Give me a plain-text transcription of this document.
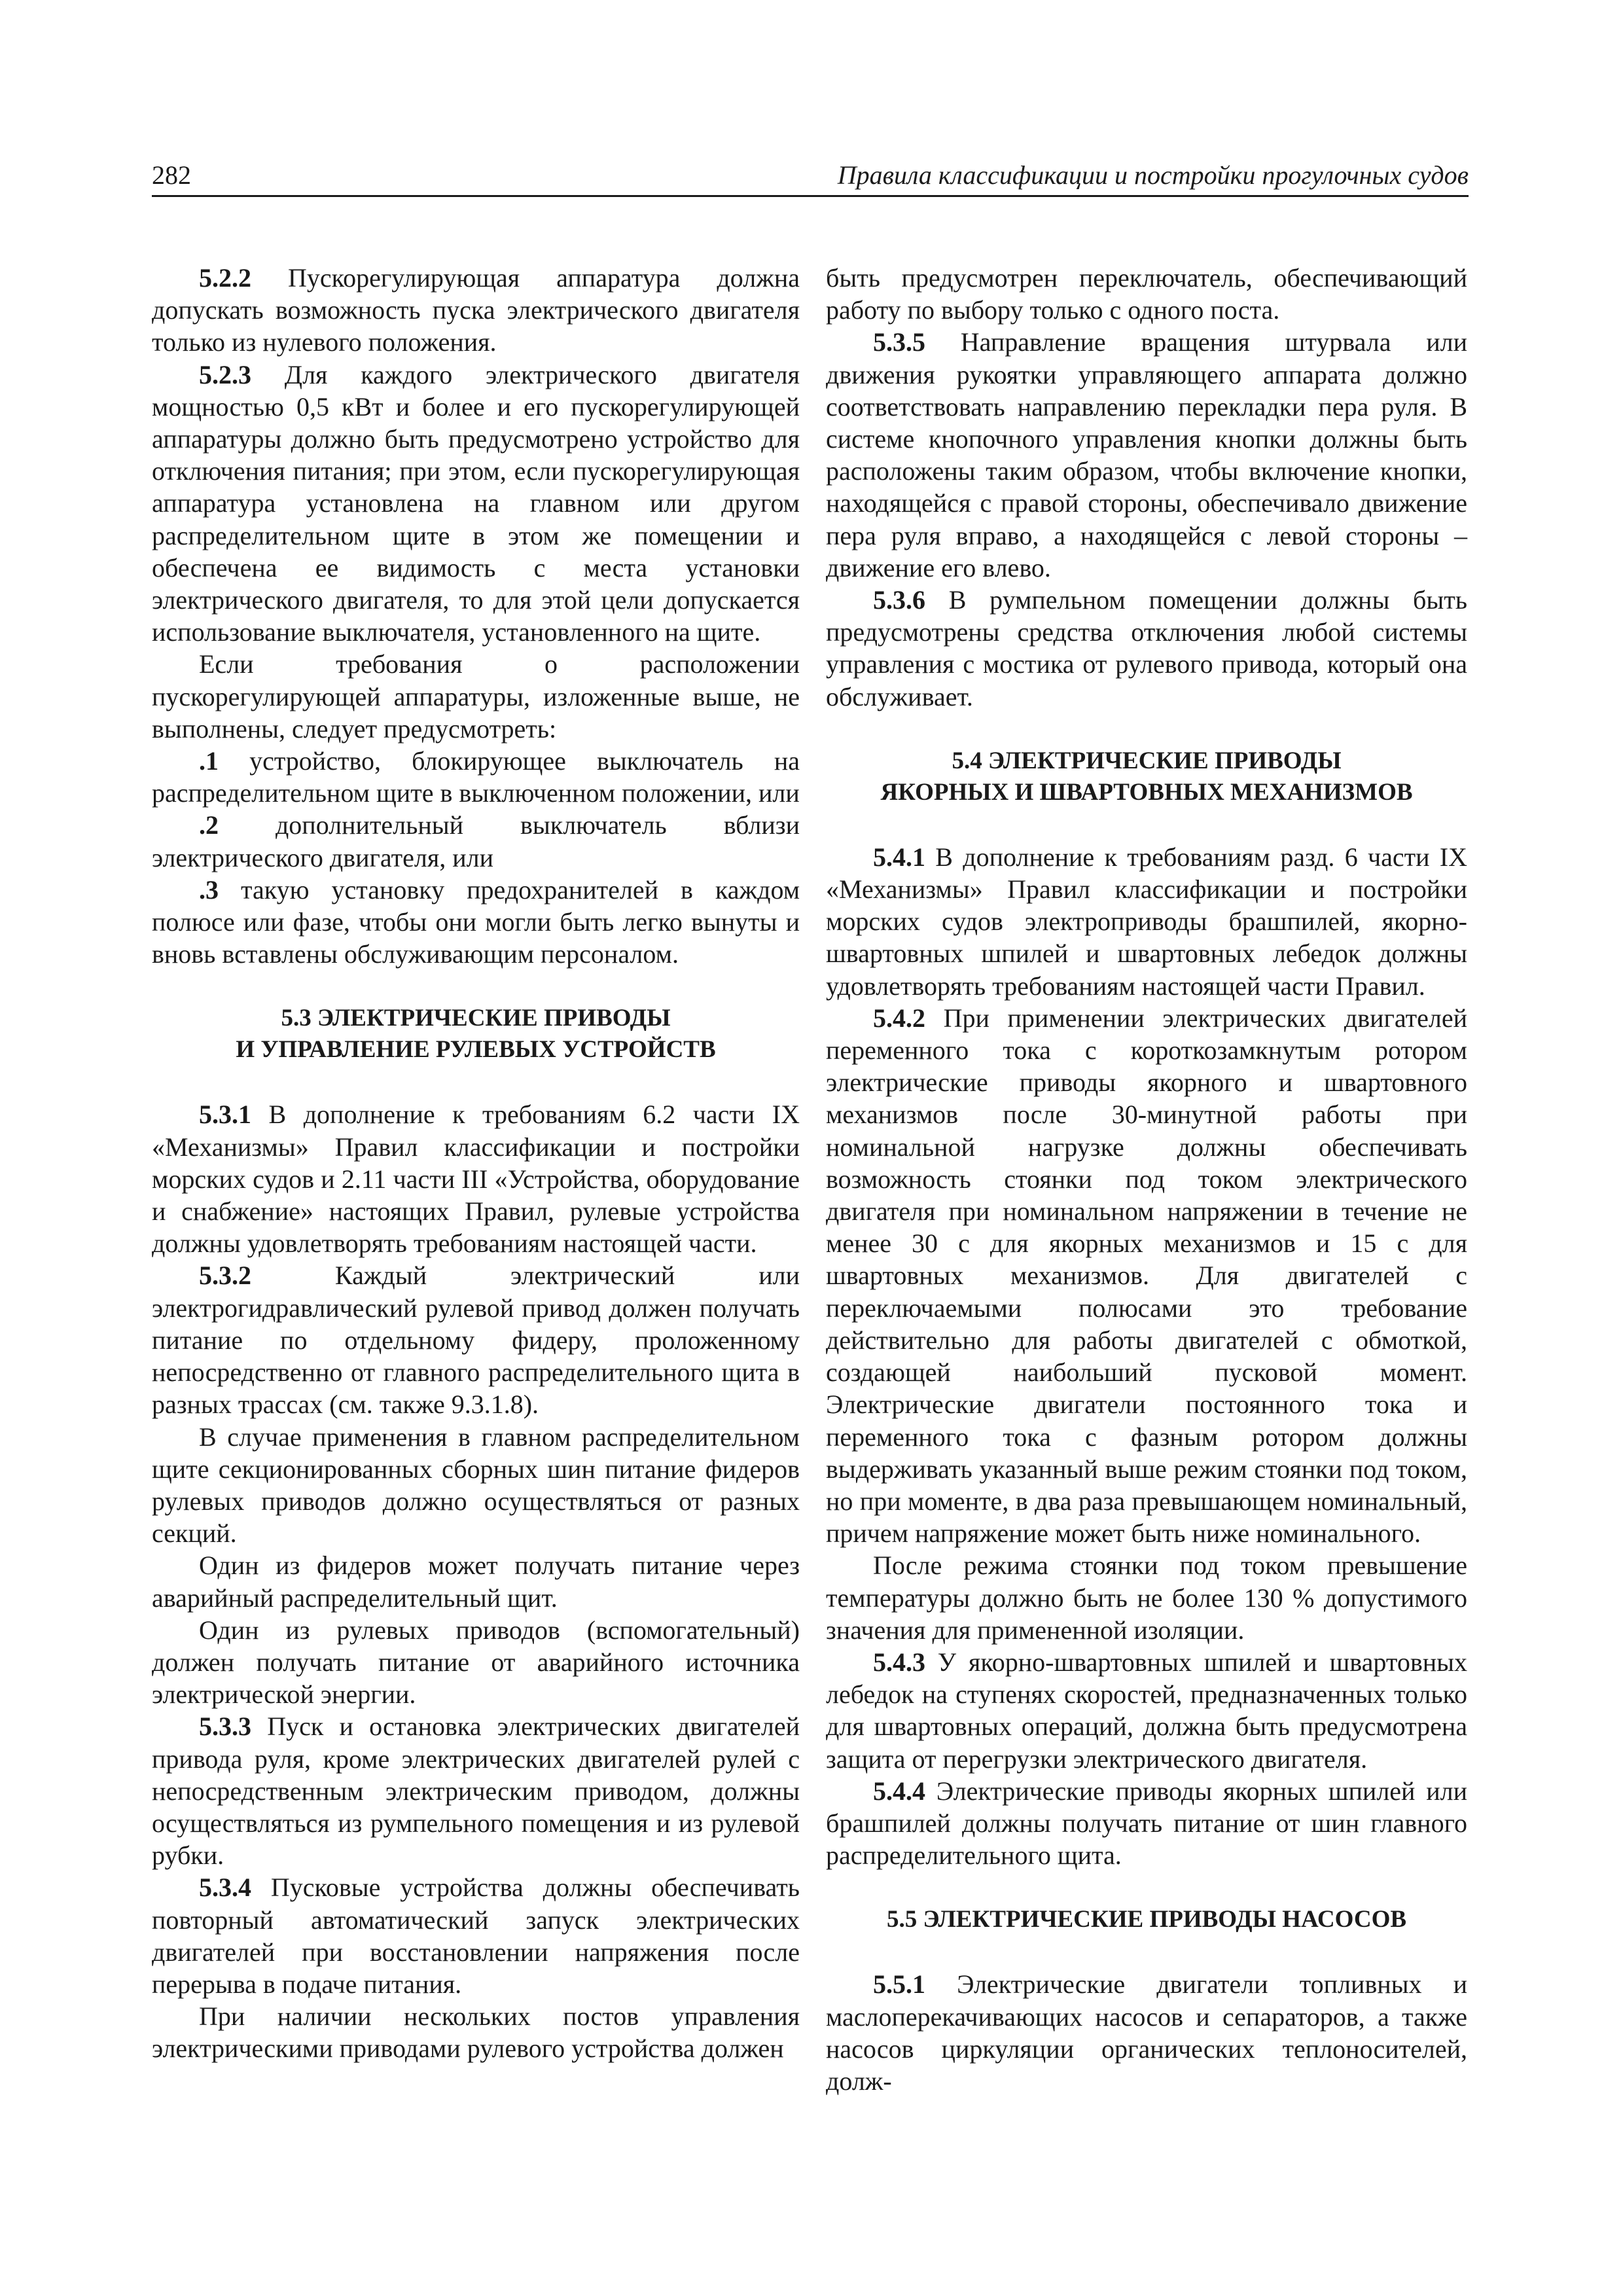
282	Правила классификации и постройки прогулочных судов

5.2.2 Пускорегулирующая аппаратура должна допускать возможность пуска электрического двигателя только из нулевого положения.

5.2.3 Для каждого электрического двигателя мощностью 0,5 кВт и более и его пускорегулирующей аппаратуры должно быть предусмотрено устройство для отключения питания; при этом, если пускорегулирующая аппаратура установлена на главном или другом распределительном щите в этом же помещении и обеспечена ее видимость с места установки электрического двигателя, то для этой цели допускается использование выключателя, установленного на щите.

Если требования о расположении пускорегулирующей аппаратуры, изложенные выше, не выполнены, следует предусмотреть:

.1 устройство, блокирующее выключатель на распределительном щите в выключенном положении, или

.2 дополнительный выключатель вблизи электрического двигателя, или

.3 такую установку предохранителей в каждом полюсе или фазе, чтобы они могли быть легко вынуты и вновь вставлены обслуживающим персоналом.

5.3 ЭЛЕКТРИЧЕСКИЕ ПРИВОДЫ
И УПРАВЛЕНИЕ РУЛЕВЫХ УСТРОЙСТВ

5.3.1 В дополнение к требованиям 6.2 части IX «Механизмы» Правил классификации и постройки морских судов и 2.11 части III «Устройства, оборудование и снабжение» настоящих Правил, рулевые устройства должны удовлетворять требованиям настоящей части.

5.3.2	Каждый электрический или электрогидравлический рулевой привод должен получать питание по отдельному фидеру, проложенному непосредственно от главного распределительного щита в разных трассах (см. также 9.3.1.8).

В случае применения в главном распределительном щите секционированных сборных шин питание фидеров рулевых приводов должно осуществляться от разных секций.

Один из фидеров может получать питание через аварийный распределительный щит.

Один из рулевых приводов (вспомогательный) должен получать питание от аварийного источника электрической энергии.

5.3.3 Пуск и остановка электрических двигателей привода руля, кроме электрических двигателей рулей с непосредственным электрическим приводом, должны осуществляться из румпельного помещения и из рулевой рубки.

5.3.4 Пусковые устройства должны обеспечивать повторный автоматический запуск электрических двигателей при восстановлении напряжения после перерыва в подаче питания.

При наличии нескольких постов управления электрическими приводами рулевого устройства должен

быть предусмотрен переключатель, обеспечивающий работу по выбору только с одного поста.

5.3.5 Направление вращения штурвала или движения рукоятки управляющего аппарата должно соответствовать направлению перекладки пера руля. В системе кнопочного управления кнопки должны быть расположены таким образом, чтобы включение кнопки, находящейся с правой стороны, обеспечивало движение пера руля вправо, а находящейся с левой стороны – движение его влево.

5.3.6 В румпельном помещении должны быть предусмотрены средства отключения любой системы управления с мостика от рулевого привода, который она обслуживает.

5.4 ЭЛЕКТРИЧЕСКИЕ ПРИВОДЫ
ЯКОРНЫХ И ШВАРТОВНЫХ МЕХАНИЗМОВ

5.4.1 В дополнение к требованиям разд. 6 части IX «Механизмы» Правил классификации и постройки морских судов электроприводы брашпилей, якорно-швартовных шпилей и швартовных лебедок должны удовлетворять требованиям настоящей части Правил.

5.4.2 При применении электрических двигателей переменного тока с короткозамкнутым ротором электрические приводы якорного и швартовного механизмов после 30-минутной работы при номинальной нагрузке должны обеспечивать возможность стоянки под током электрического двигателя при номинальном напряжении в течение не менее 30 с для якорных механизмов и 15 с для швартовных механизмов. Для двигателей с переключаемыми полюсами это требование действительно для работы двигателей с обмоткой, создающей наибольший пусковой момент. Электрические двигатели постоянного тока и переменного тока с фазным ротором должны выдерживать указанный выше режим стоянки под током, но при моменте, в два раза превышающем номинальный, причем напряжение может быть ниже номинального.

После режима стоянки под током превышение температуры должно быть не более 130 % допустимого значения для примененной изоляции.

5.4.3 У якорно-швартовных шпилей и швартовных лебедок на ступенях скоростей, предназначенных только для швартовных операций, должна быть предусмотрена защита от перегрузки электрического двигателя.

5.4.4 Электрические приводы якорных шпилей или брашпилей должны получать питание от шин главного распределительного щита.

5.5 ЭЛЕКТРИЧЕСКИЕ ПРИВОДЫ НАСОСОВ

5.5.1 Электрические двигатели топливных и маслоперекачивающих насосов и сепараторов, а также насосов циркуляции органических теплоносителей, долж-
